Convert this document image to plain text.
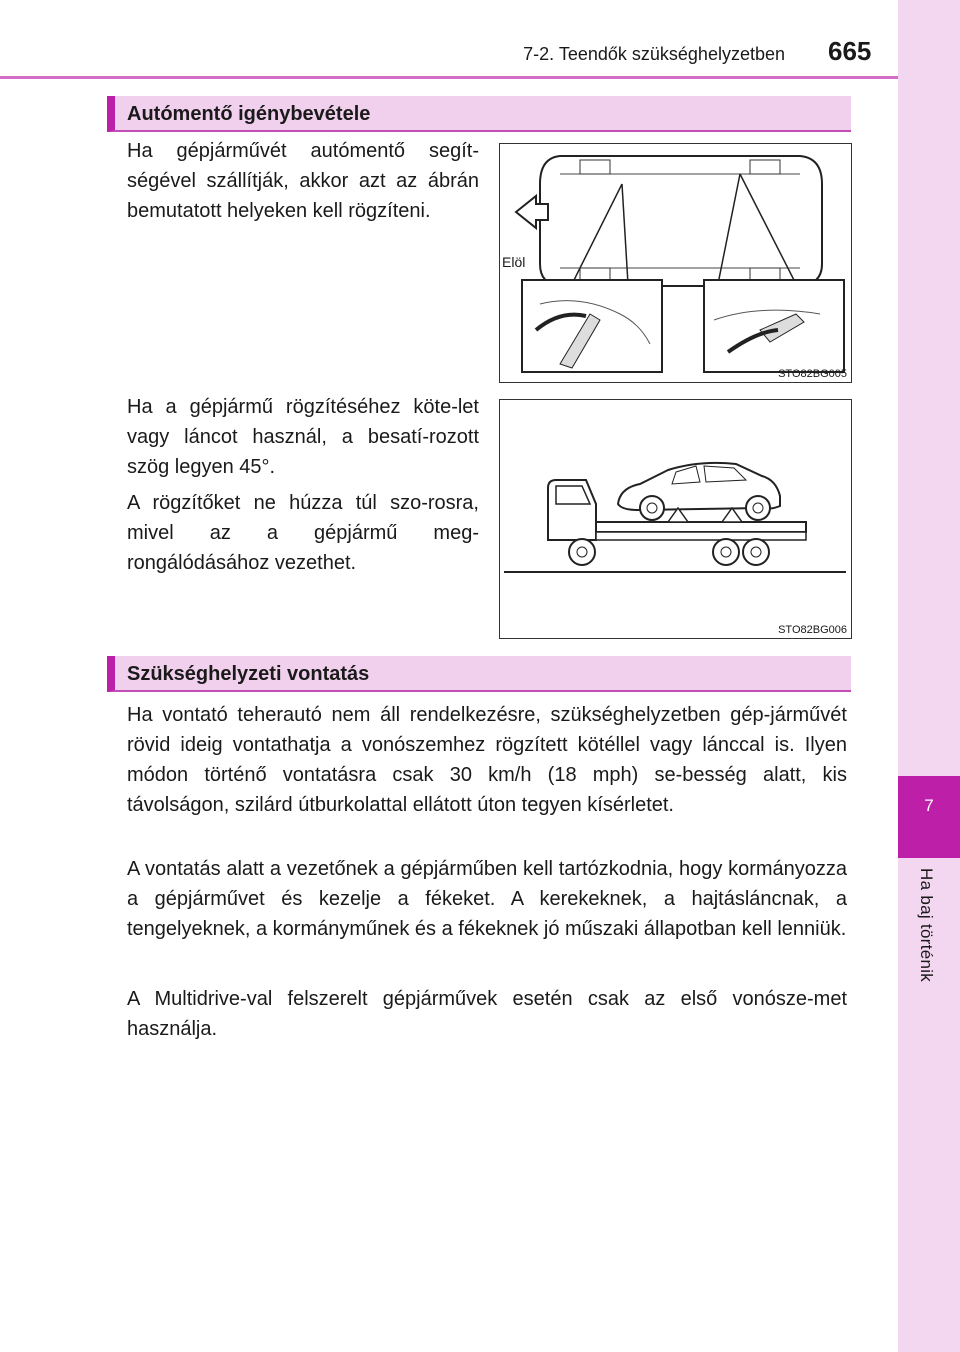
7
Ha baj történik
7-2. Teendők szükséghelyzetben 665
Autómentő igénybevétele

Ha gépjárművét autómentő segít-ségével szállítják, akkor azt az ábrán bemutatott helyeken kell rögzíteni.

Ha a gépjármű rögzítéséhez köte-let vagy láncot használ, a besatí-rozott szög legyen 45°.

A rögzítőket ne húzza túl szo-rosra, mivel az a gépjármű meg-rongálódásához vezethet.

Elöl
STO82BG005
STO82BG006
Szükséghelyzeti vontatás

Ha vontató teherautó nem áll rendelkezésre, szükséghelyzetben gép-járművét rövid ideig vontathatja a vonószemhez rögzített kötéllel vagy lánccal is. Ilyen módon történő vontatásra csak 30 km/h (18 mph) se-besség alatt, kis távolságon, szilárd útburkolattal ellátott úton tegyen kísérletet.

A vontatás alatt a vezetőnek a gépjárműben kell tartózkodnia, hogy kormányozza a gépjárművet és kezelje a fékeket. A kerekeknek, a hajtásláncnak, a tengelyeknek, a kormányműnek és a fékeknek jó műszaki állapotban kell lenniük.

A Multidrive-val felszerelt gépjárművek esetén csak az első vonósze-met használja.
